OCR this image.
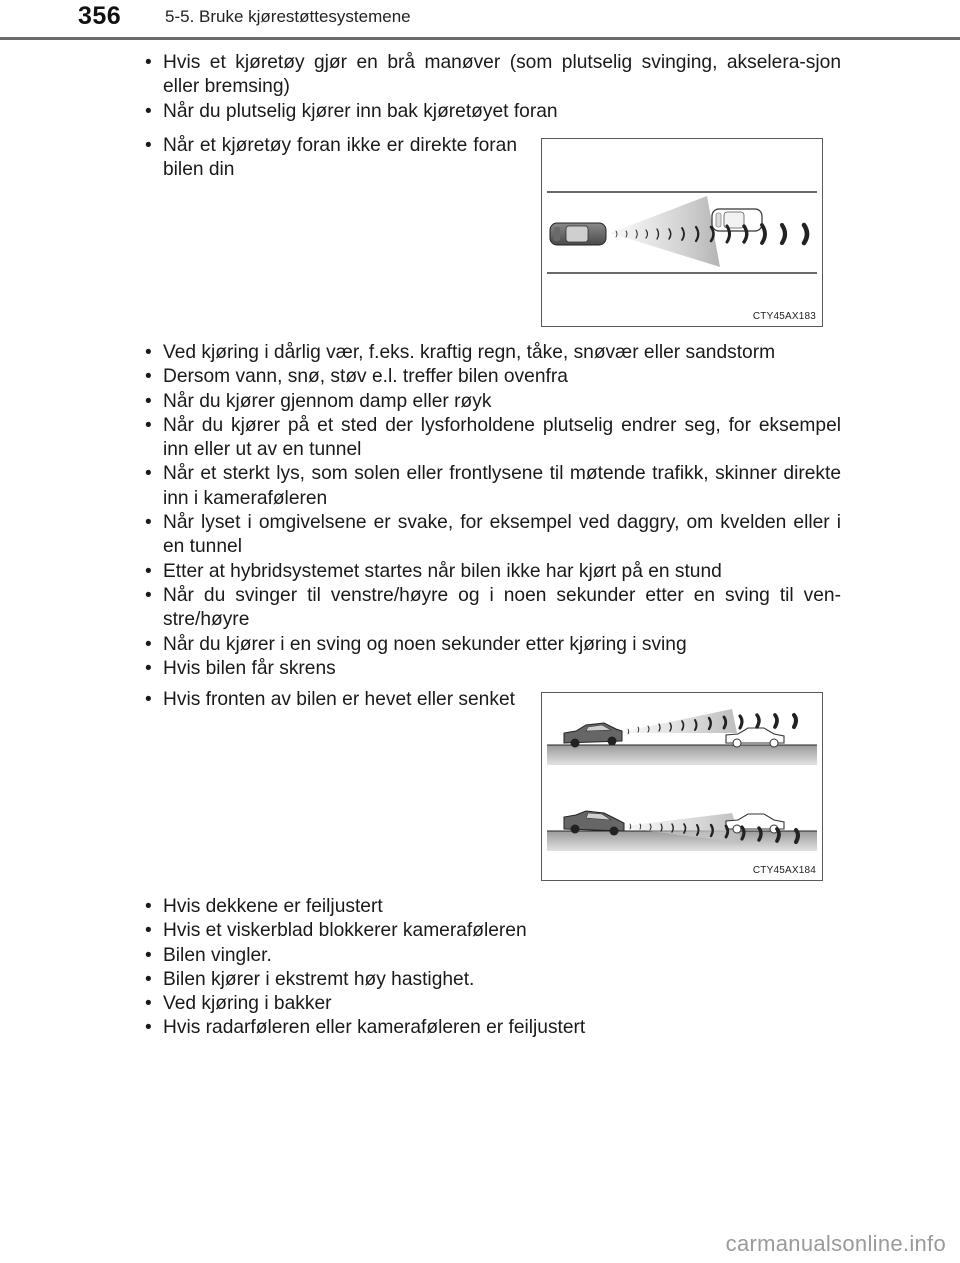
356	5-5. Bruke kjørestøttesystemene
• Hvis et kjøretøy gjør en brå manøver (som plutselig svinging, akselera-sjon eller bremsing)
• Når du plutselig kjører inn bak kjøretøyet foran
• Når et kjøretøy foran ikke er direkte foran bilen din
CTY45AX183
• Ved kjøring i dårlig vær, f.eks. kraftig regn, tåke, snøvær eller sandstorm
• Dersom vann, snø, støv e.l. treffer bilen ovenfra
• Når du kjører gjennom damp eller røyk
• Når du kjører på et sted der lysforholdene plutselig endrer seg, for eksempel inn eller ut av en tunnel
• Når et sterkt lys, som solen eller frontlysene til møtende trafikk, skinner direkte inn i kameraføleren
• Når lyset i omgivelsene er svake, for eksempel ved daggry, om kvelden eller i en tunnel
• Etter at hybridsystemet startes når bilen ikke har kjørt på en stund
• Når du svinger til venstre/høyre og i noen sekunder etter en sving til ven-stre/høyre
• Når du kjører i en sving og noen sekunder etter kjøring i sving
• Hvis bilen får skrens
• Hvis fronten av bilen er hevet eller senket
CTY45AX184
• Hvis dekkene er feiljustert
• Hvis et viskerblad blokkerer kameraføleren
• Bilen vingler.
• Bilen kjører i ekstremt høy hastighet.
• Ved kjøring i bakker
• Hvis radarføleren eller kameraføleren er feiljustert
carmanualsonline.info
